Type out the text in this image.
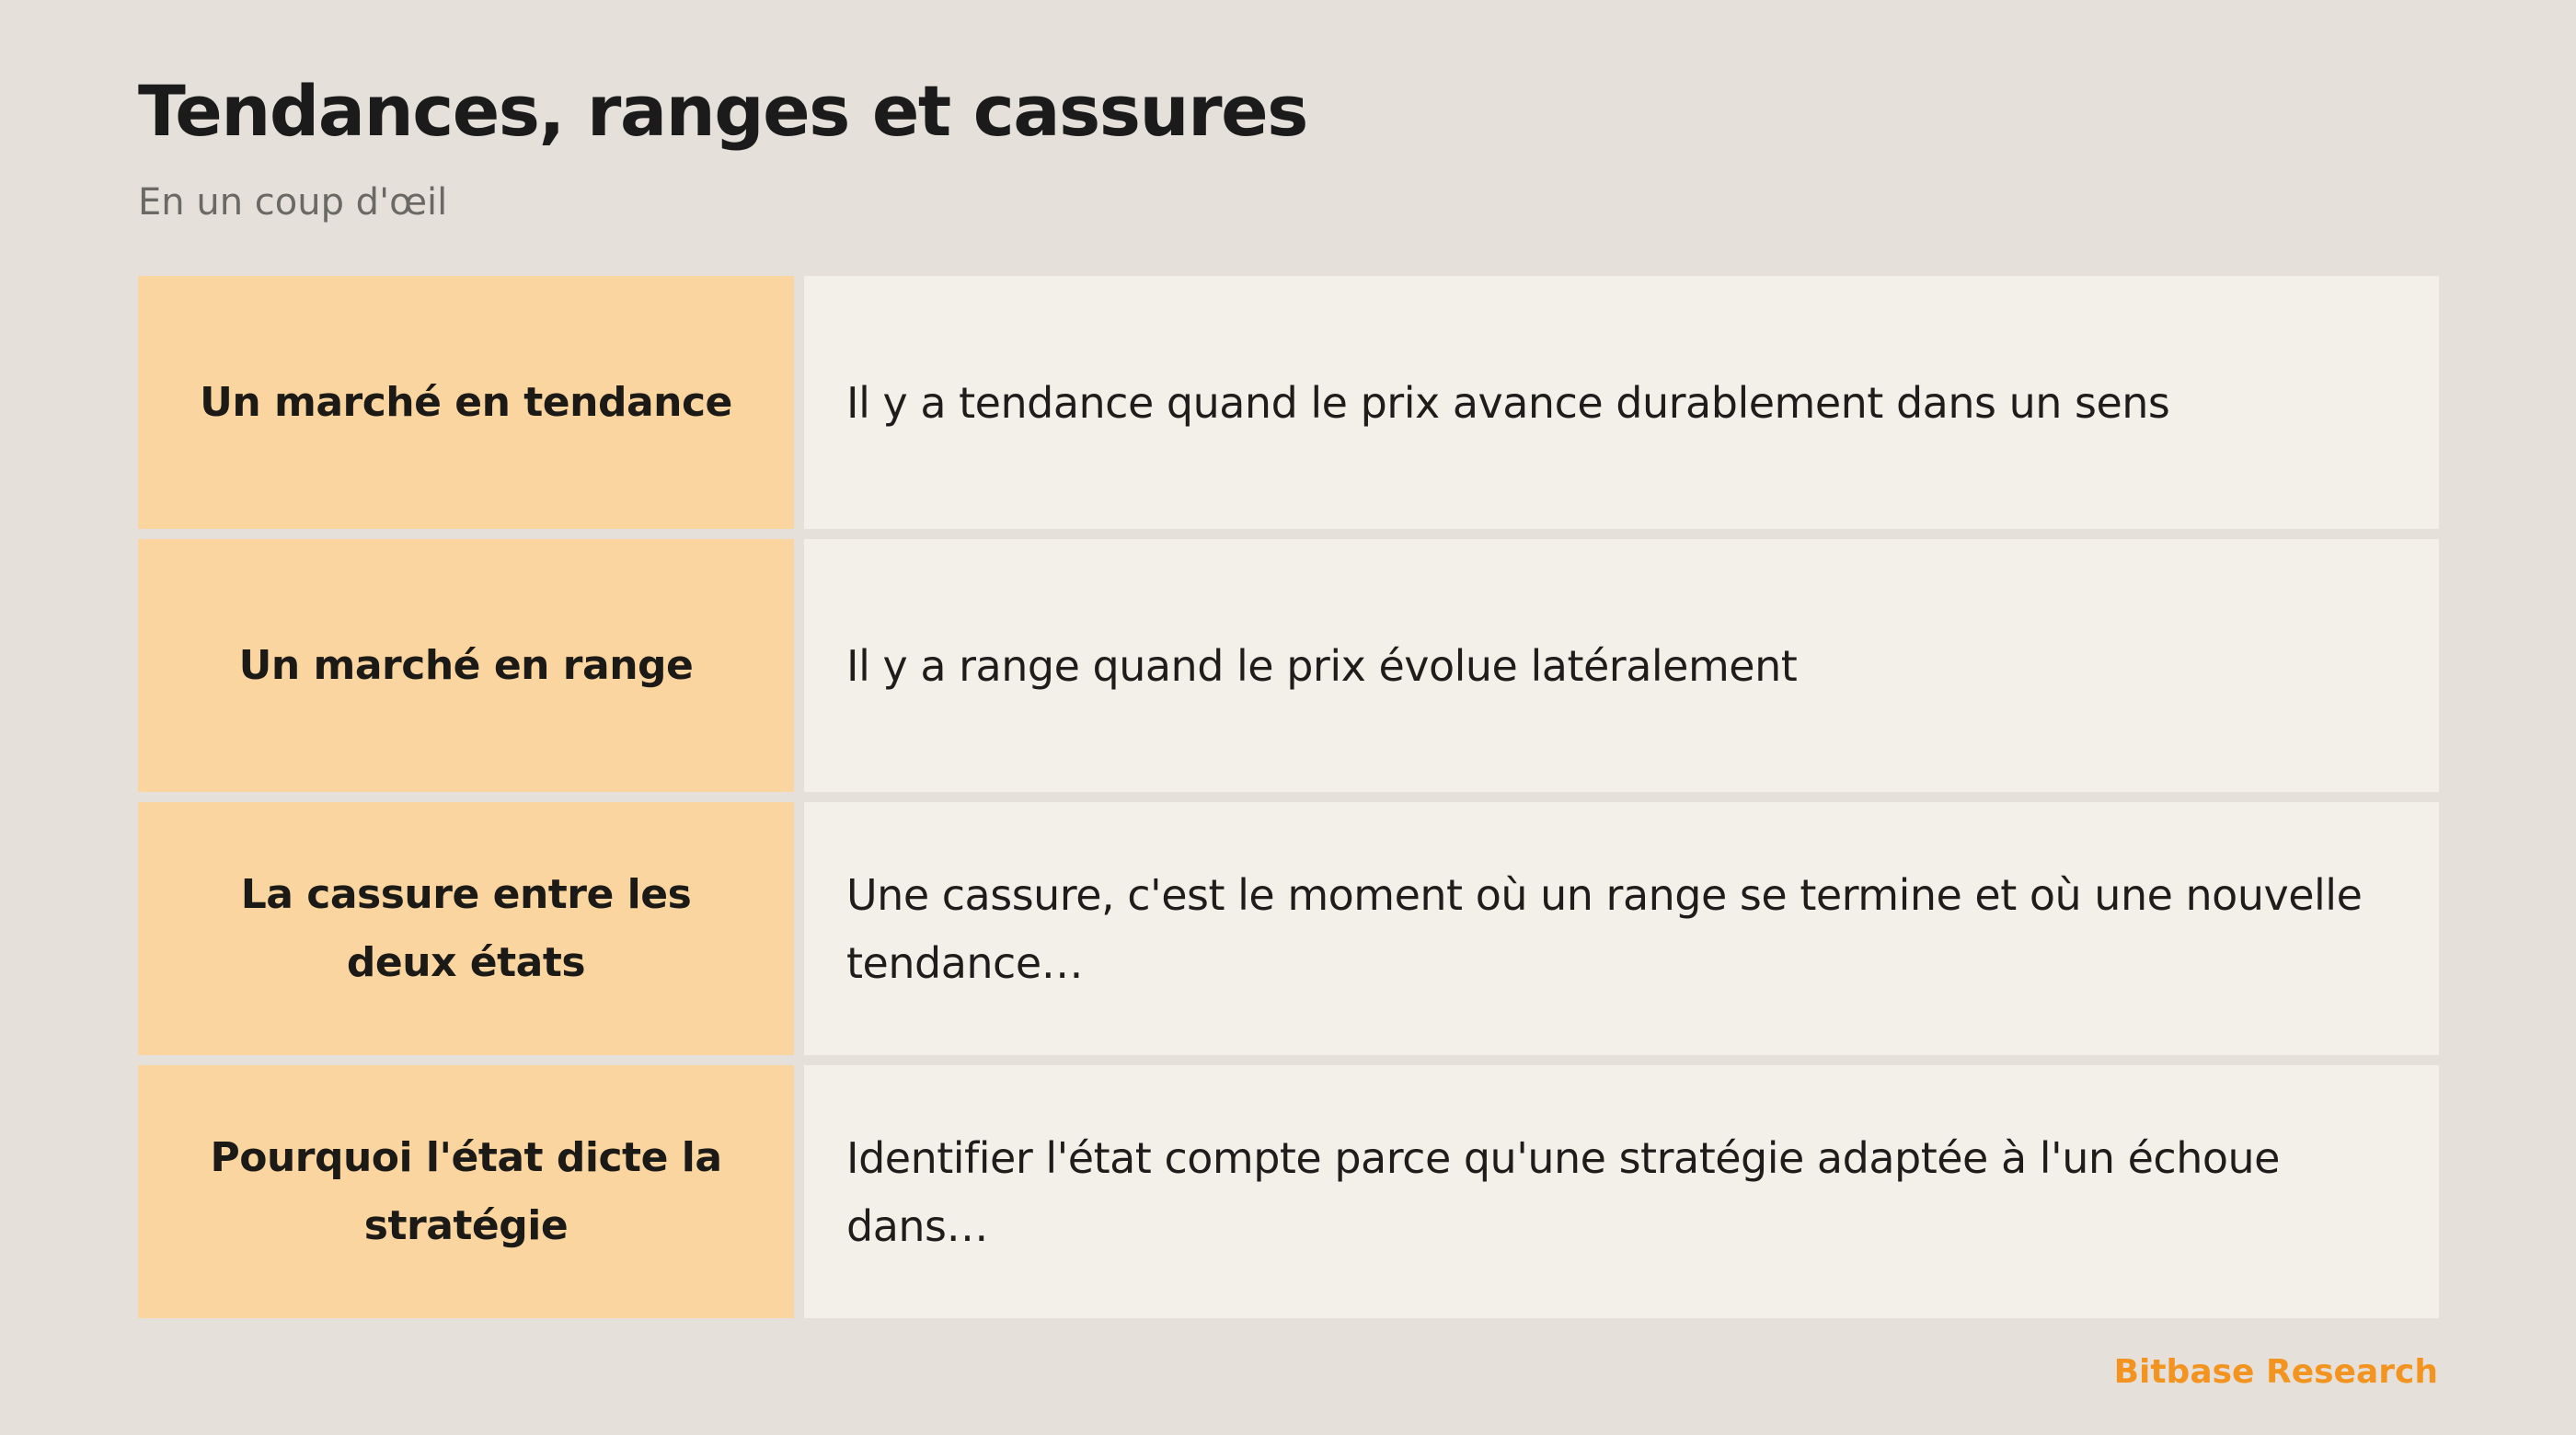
Tendances, ranges et cassures

En un coup d'œil

Un marché en tendance	Il y a tendance quand le prix avance durablement dans un sens
Un marché en range	Il y a range quand le prix évolue latéralement
La cassure entre les deux états
Une cassure, c'est le moment où un range se termine et où une nouvelle tendance…
Pourquoi l'état dicte la stratégie
Identifier l'état compte parce qu'une stratégie adaptée à l'un échoue dans…

Bitbase Research
